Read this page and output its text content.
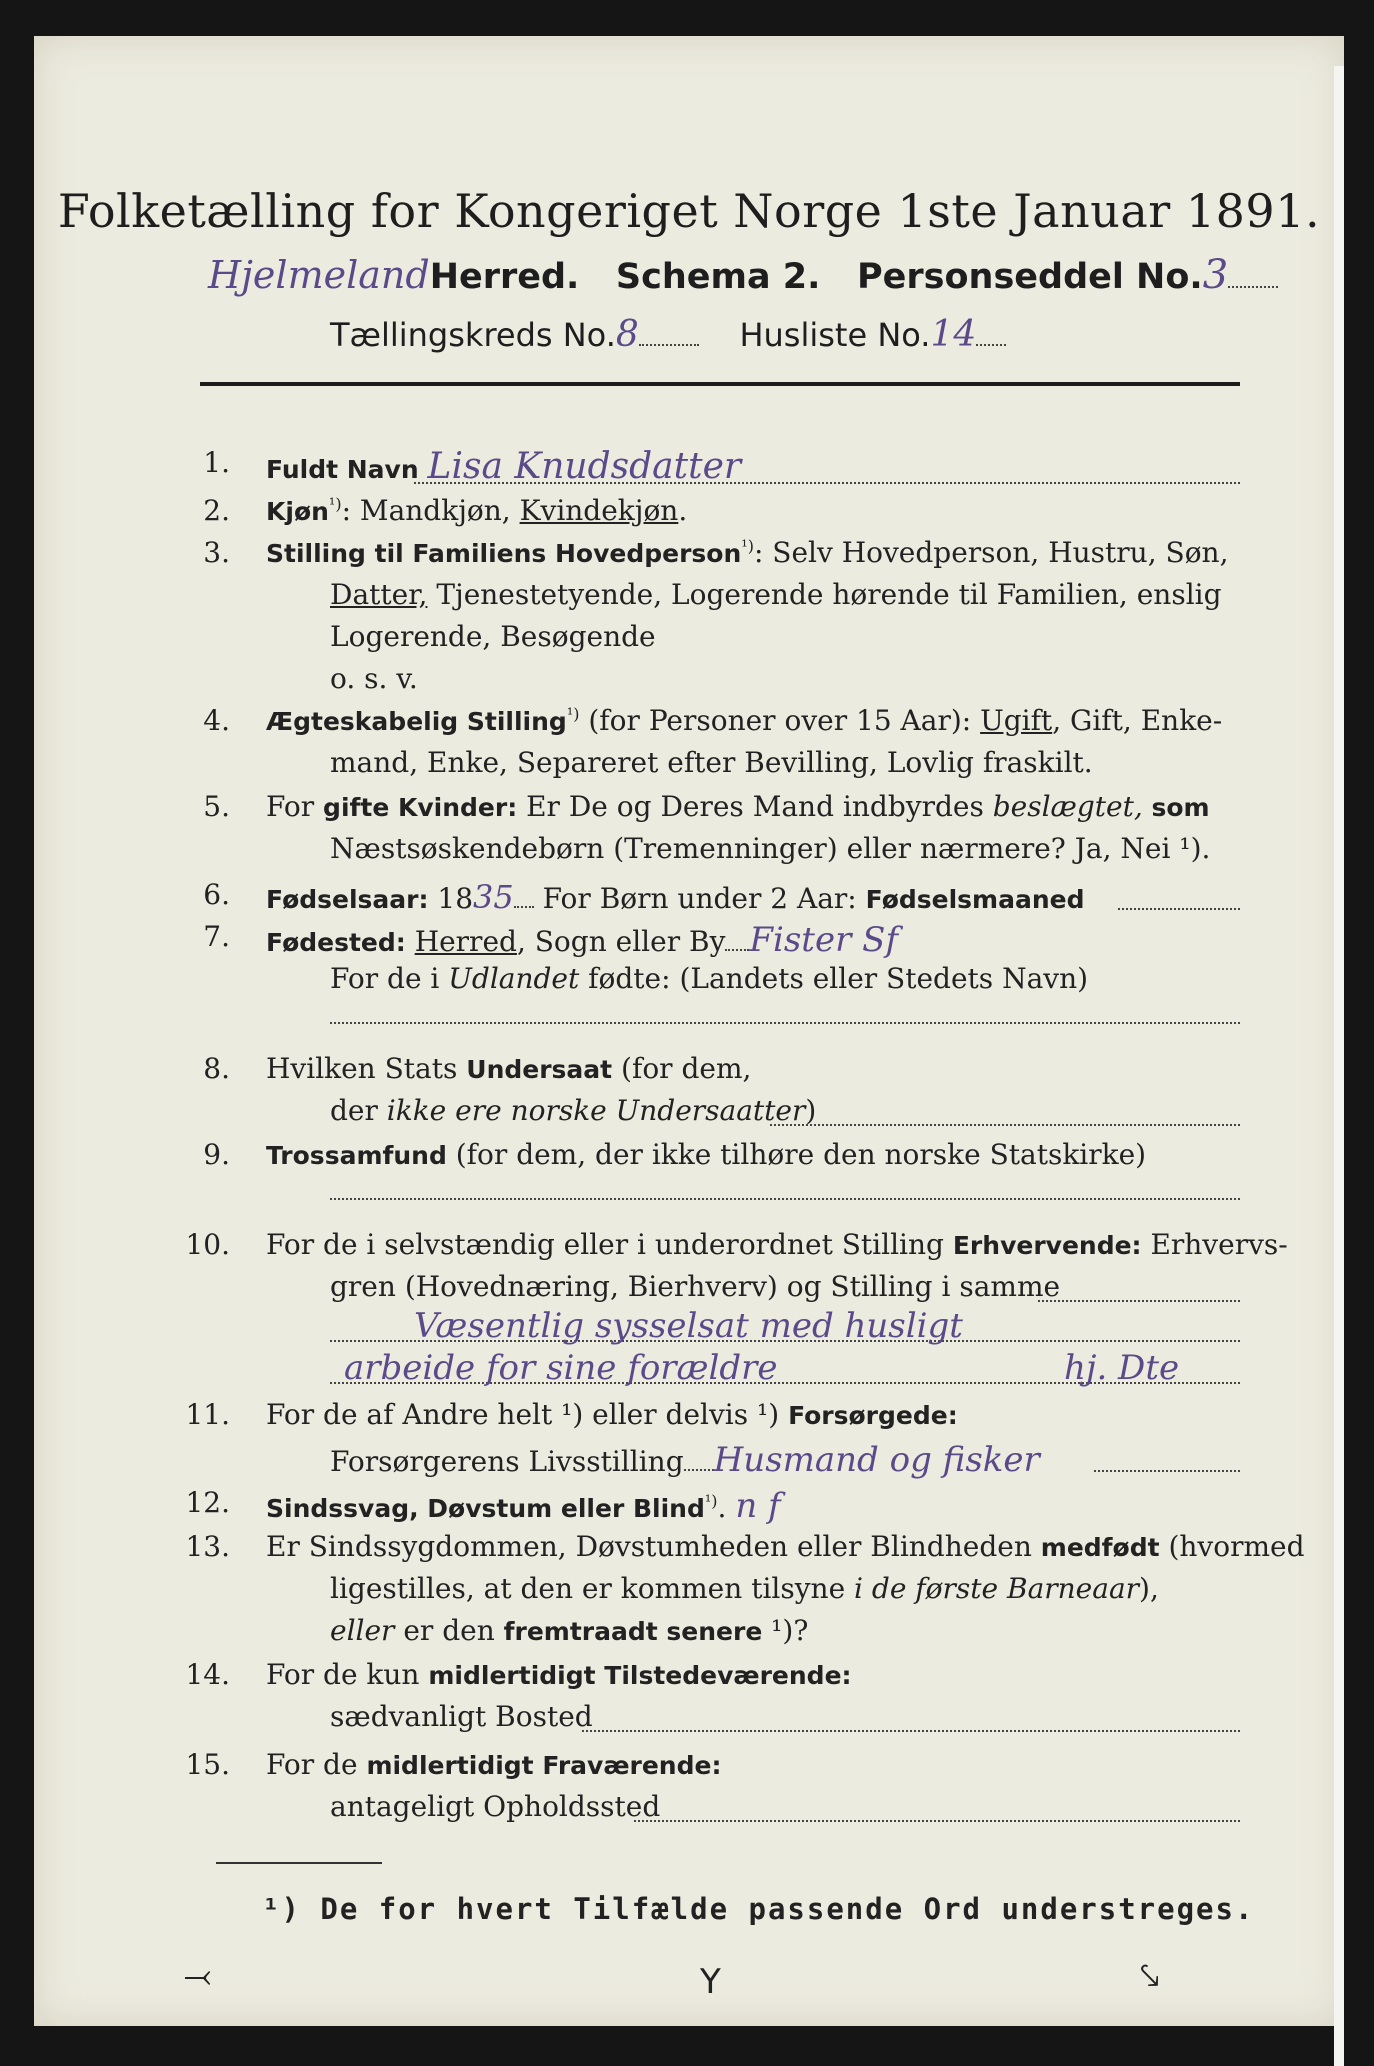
Folketælling for Kongeriget Norge 1ste Januar 1891.
HjelmelandHerred. Schema 2. Personseddel No.3
Tællingskreds No.8	Husliste No.14
1. Fuldt Navn Lisa Knudsdatter
2. Kjøn$^{^1)}$: Mandkjøn, Kvindekjøn.
3. Stilling til Familiens Hovedperson$^{^1)}$: Selv Hovedperson, Hustru, Søn,
Datter, Tjenestetyende, Logerende hørende til Familien, enslig
Logerende, Besøgende
o. s. v.
4. Ægteskabelig Stilling$^{^1)}$ (for Personer over 15 Aar): Ugift, Gift, Enke-
mand, Enke, Separeret efter Bevilling, Lovlig fraskilt.
5. For gifte Kvinder: Er De og Deres Mand indbyrdes beslægtet, som
Næstsøskendebørn (Tremenninger) eller nærmere? Ja, Nei ¹).
6. Fødselsaar: 1835 For Børn under 2 Aar: Fødselsmaaned
7. Fødested: Herred, Sogn eller By Fister Sf
For de i Udlandet fødte: (Landets eller Stedets Navn)
8. Hvilken Stats Undersaat (for dem,
der ikke ere norske Undersaatter)
9. Trossamfund (for dem, der ikke tilhøre den norske Statskirke)
10. For de i selvstændig eller i underordnet Stilling Erhvervende: Erhvervs-
gren (Hovednæring, Bierhverv) og Stilling i samme
Væsentlig sysselsat med husligt
arbeide for sine forældre	hj. Dte
11. For de af Andre helt ¹) eller delvis ¹) Forsørgede:
Forsørgerens Livsstilling Husmand og fisker
12. Sindssvag, Døvstum eller Blind$^{^1)}$. n f
13. Er Sindssygdommen, Døvstumheden eller Blindheden medfødt (hvormed
ligestilles, at den er kommen tilsyne i de første Barneaar),
eller er den fremtraadt senere ¹)?
14. For de kun midlertidigt Tilstedeværende:
sædvanligt Bosted
15. For de midlertidigt Fraværende:
antageligt Opholdssted
¹) De for hvert Tilfælde passende Ord understreges.
⤙	Y	⤥
